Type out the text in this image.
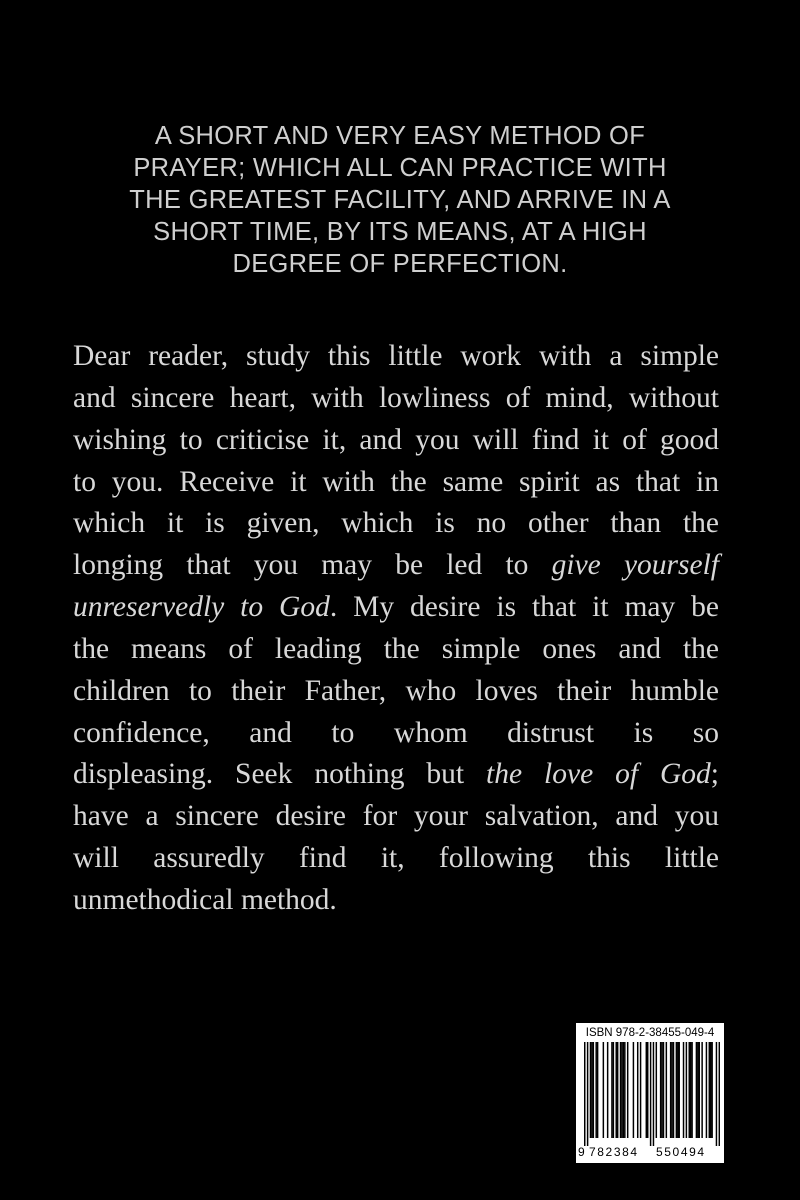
A SHORT AND VERY EASY METHOD OF
PRAYER; WHICH ALL CAN PRACTICE WITH
THE GREATEST FACILITY, AND ARRIVE IN A
SHORT TIME, BY ITS MEANS, AT A HIGH
DEGREE OF PERFECTION.
Dear reader, study this little work with a simple
and sincere heart, with lowliness of mind, without
wishing to criticise it, and you will find it of good
to you. Receive it with the same spirit as that in
which it is given, which is no other than the
longing that you may be led to give yourself
unreservedly to God. My desire is that it may be
the means of leading the simple ones and the
children to their Father, who loves their humble
confidence, and to whom distrust is so
displeasing. Seek nothing but the love of God;
have a sincere desire for your salvation, and you
will assuredly find it, following this little
unmethodical method.
ISBN 978-2-38455-049-4
9 782384 550494
